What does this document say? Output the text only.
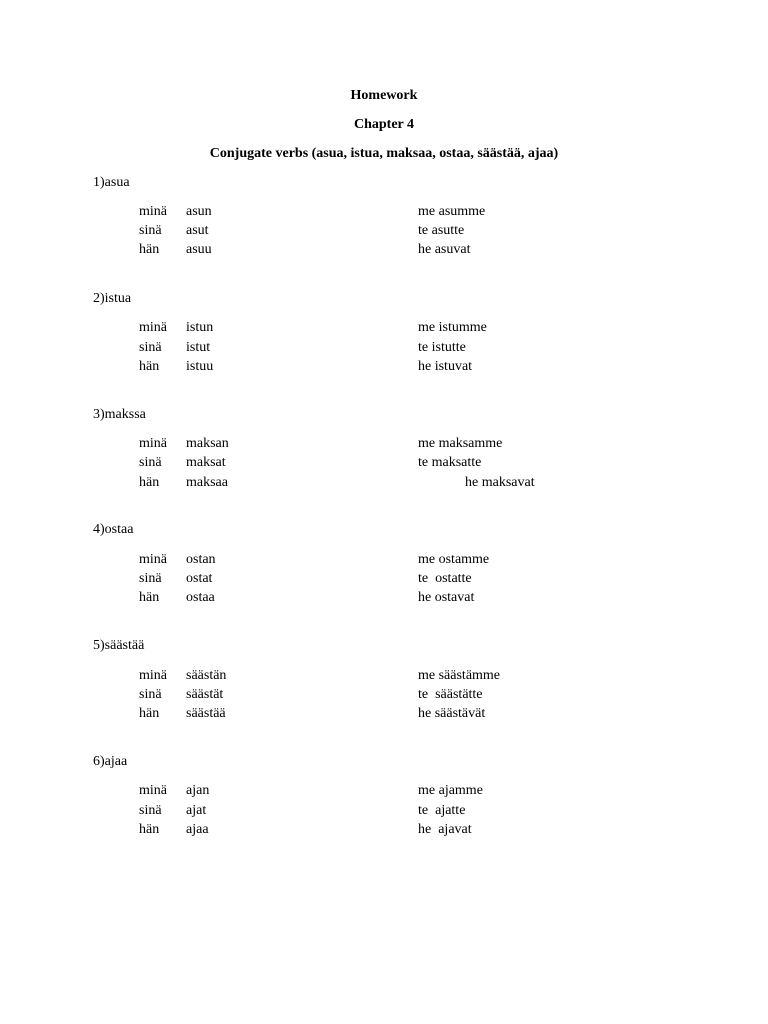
Homework
Chapter 4
Conjugate verbs (asua, istua, maksaa, ostaa, säästää, ajaa)
1)asua
minä asun	me asumme
sinä asut	te asutte
hän asuu	he asuvat
2)istua
minä istun	me istumme
sinä istut	te istutte
hän istuu	he istuvat
3)makssa
minä maksan	me maksamme
sinä maksat	te maksatte
hän maksaa	he maksavat
4)ostaa
minä ostan	me ostamme
sinä ostat	te  ostatte
hän ostaa	he ostavat
5)säästää
minä säästän	me säästämme
sinä säästät	te  säästätte
hän säästää	he säästävät
6)ajaa
minä ajan	me ajamme
sinä ajat	te  ajatte
hän ajaa	he  ajavat
